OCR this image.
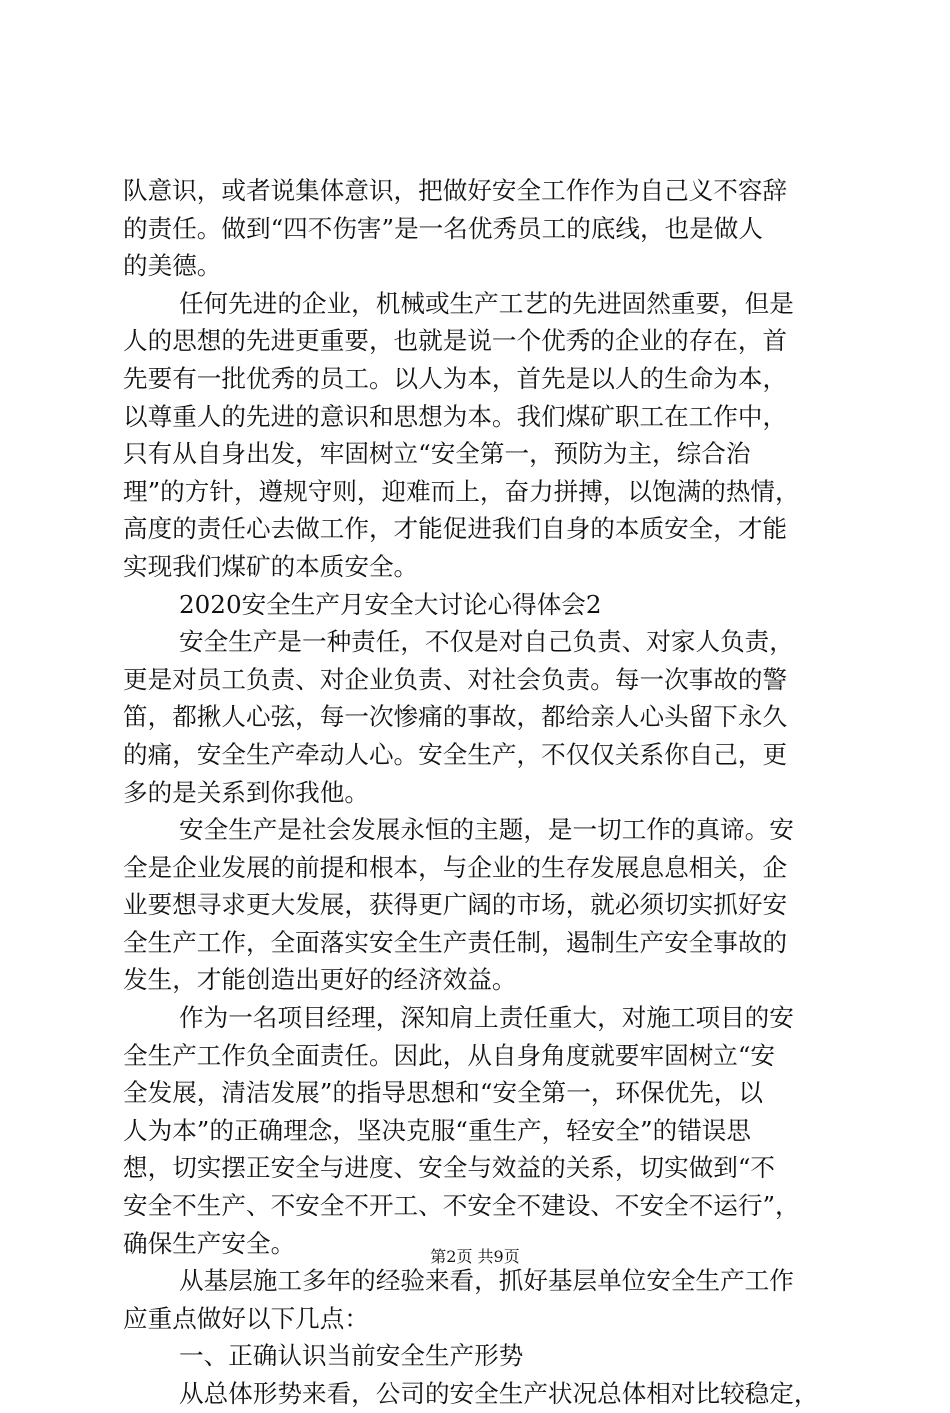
队意识，或者说集体意识，把做好安全工作作为自己义不容辞
的责任。做到“四不伤害”是一名优秀员工的底线，也是做人
的美德。
任何先进的企业，机械或生产工艺的先进固然重要，但是
人的思想的先进更重要，也就是说一个优秀的企业的存在，首
先要有一批优秀的员工。以人为本，首先是以人的生命为本，
以尊重人的先进的意识和思想为本。我们煤矿职工在工作中，
只有从自身出发，牢固树立“安全第一，预防为主，综合治
理”的方针，遵规守则，迎难而上，奋力拼搏，以饱满的热情，
高度的责任心去做工作，才能促进我们自身的本质安全，才能
实现我们煤矿的本质安全。
2020安全生产月安全大讨论心得体会2
安全生产是一种责任，不仅是对自己负责、对家人负责，
更是对员工负责、对企业负责、对社会负责。每一次事故的警
笛，都揪人心弦，每一次惨痛的事故，都给亲人心头留下永久
的痛，安全生产牵动人心。安全生产，不仅仅关系你自己，更
多的是关系到你我他。
安全生产是社会发展永恒的主题，是一切工作的真谛。安
全是企业发展的前提和根本，与企业的生存发展息息相关，企
业要想寻求更大发展，获得更广阔的市场，就必须切实抓好安
全生产工作，全面落实安全生产责任制，遏制生产安全事故的
发生，才能创造出更好的经济效益。
作为一名项目经理，深知肩上责任重大，对施工项目的安
全生产工作负全面责任。因此，从自身角度就要牢固树立“安
全发展，清洁发展”的指导思想和“安全第一，环保优先，以
人为本”的正确理念，坚决克服“重生产，轻安全”的错误思
想，切实摆正安全与进度、安全与效益的关系，切实做到“不
安全不生产、不安全不开工、不安全不建设、不安全不运行”，
确保生产安全。
从基层施工多年的经验来看，抓好基层单位安全生产工作
应重点做好以下几点：
一、正确认识当前安全生产形势
从总体形势来看，公司的安全生产状况总体相对比较稳定，
第2页 共9页
